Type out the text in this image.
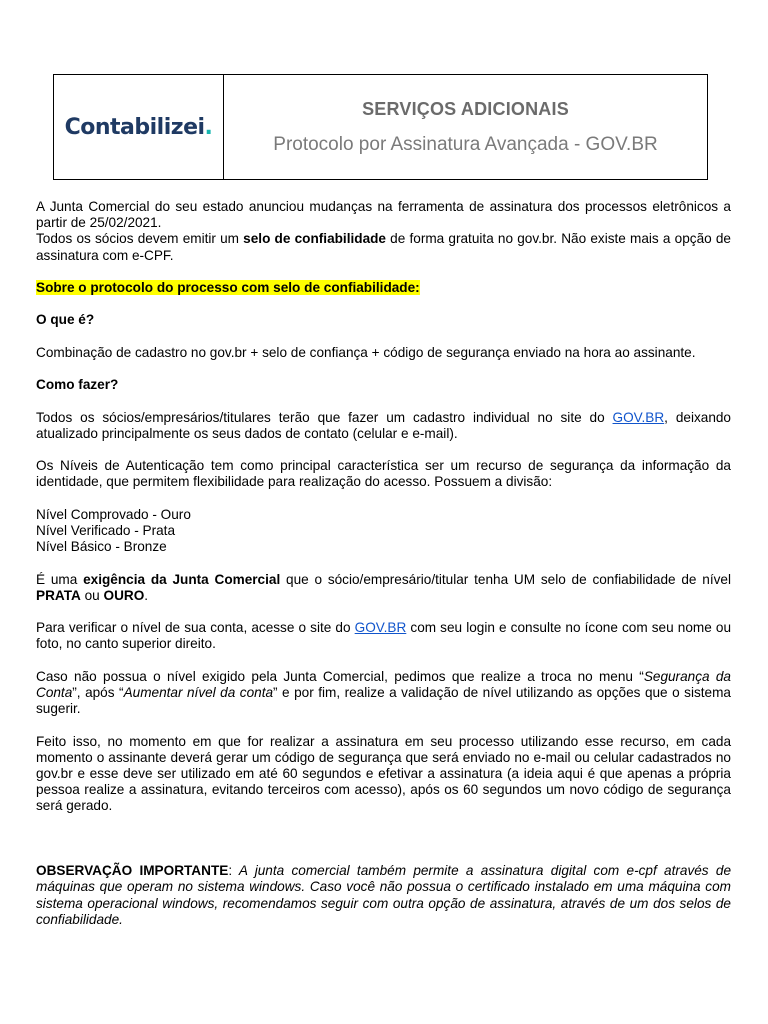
Contabilizei.
SERVIÇOS ADICIONAIS
Protocolo por Assinatura Avançada - GOV.BR

A Junta Comercial do seu estado anunciou mudanças na ferramenta de assinatura dos processos eletrônicos a partir de 25/02/2021.
Todos os sócios devem emitir um selo de confiabilidade de forma gratuita no gov.br. Não existe mais a opção de assinatura com e-CPF.

Sobre o protocolo do processo com selo de confiabilidade:

O que é?

Combinação de cadastro no gov.br + selo de confiança + código de segurança enviado na hora ao assinante.

Como fazer?

Todos os sócios/empresários/titulares terão que fazer um cadastro individual no site do GOV.BR, deixando atualizado principalmente os seus dados de contato (celular e e-mail).

Os Níveis de Autenticação tem como principal característica ser um recurso de segurança da informação da identidade, que permitem flexibilidade para realização do acesso. Possuem a divisão:

Nível Comprovado - Ouro
Nível Verificado - Prata
Nível Básico - Bronze

É uma exigência da Junta Comercial que o sócio/empresário/titular tenha UM selo de confiabilidade de nível PRATA ou OURO.

Para verificar o nível de sua conta, acesse o site do GOV.BR com seu login e consulte no ícone com seu nome ou foto, no canto superior direito.

Caso não possua o nível exigido pela Junta Comercial, pedimos que realize a troca no menu “Segurança da Conta”, após “Aumentar nível da conta” e por fim, realize a validação de nível utilizando as opções que o sistema sugerir.

Feito isso, no momento em que for realizar a assinatura em seu processo utilizando esse recurso, em cada momento o assinante deverá gerar um código de segurança que será enviado no e-mail ou celular cadastrados no gov.br e esse deve ser utilizado em até 60 segundos e efetivar a assinatura (a ideia aqui é que apenas a própria pessoa realize a assinatura, evitando terceiros com acesso), após os 60 segundos um novo código de segurança será gerado.

OBSERVAÇÃO IMPORTANTE: A junta comercial também permite a assinatura digital com e-cpf através de máquinas que operam no sistema windows. Caso você não possua o certificado instalado em uma máquina com sistema operacional windows, recomendamos seguir com outra opção de assinatura, através de um dos selos de confiabilidade.
